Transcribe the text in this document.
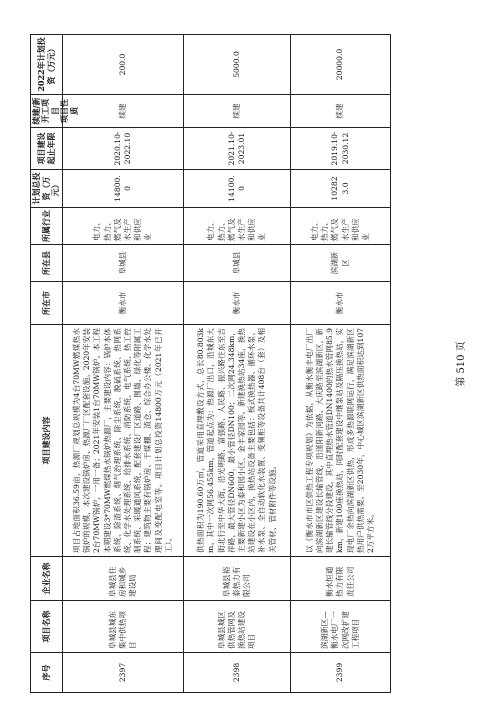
序号	项目名称	企业名称	项目建设内容	所在市	所在县	所属行业	计划总投资（万元）	项目建设起止年限	续建/新开工项目 项目性质	2022年计划投资（万元）

2397	阜城县城东集中供热项目	阜城县住房和城乡建设局	项目占地面积36.59亩，热源厂规划总规模为4台70MW燃煤热水锅炉的规模，本次建设锅炉房、热源厂厂区配套设施。2020年安装2台70MW锅炉，一用一备；2021年安装1台70MW锅炉。本工程本期建设3*70MW燃煤热水锅炉热源厂，主要建设内容：锅炉本体系统、除渣系统、烟气治理系统、除尘系统、脱硫系统、热网系统、化学水处理系统、给排水系统、消防系统、电气系统、热工控制系统、采暖通风系统，配套建设厂区道路、围墙、绿化等附属工程；建筑物主要有锅炉房、干煤棚、渣仓、综合办公楼、化学水处理间及变配电室等。项目计划总投资14800万元（2021年已开工）。	衡水市	阜城县	电力、热力、燃气及水生产和供应业	14800.0	2020.10-2022.10	续建	200.0

2398	阜城县城区供热管网及换热站建设项目	阜城县裕泰热力有限公司	供热面积为190.60万㎡，管道采用直埋敷设方式，总长80.803km。其中一次网56.455km，管道起点为：热源厂出口，沿城东大街北行至中华大街，沿光明路、富强路、人民路、振兴路往东至吉祥路，最大管径DN600，最小管径DN100；二次网24.348km，主要新建小区为泰和园小区、金丰家园等。新建换热站34座，换热站建设在小区内，换热站设备主要包括：板式换热器、循环水泵、补水泵、全自动软化水装置、变频柜等设备共计408台（套）及相关管材、管材附件等设施。	衡水市	阜城县	电力、热力、燃气及水生产和供应业	14100.0	2021.10-2023.01	续建	5000.0

2399	滨湖新区—衡水电厂一次网改扩建工程项目	衡水恒通热力有限责任公司	以《衡水市市区供热工程专项规划》为依据，从衡水衡丰电厂出厂向滨湖新区建设长输管线，沿滏阳新河路、大庆路至滨湖新区，新建长输管线分段建设，其中直埋热水管道DN1400的热水管网85.9km，新建100座换热站，同时配套建设中继泵站及隔压换热站，实现电厂余热向滨湖新区供热，形成多热源联网运行，满足滨湖新区热用户供热需要。至2030年，中心城区滨湖新区供热面积达到1072万平方米。	衡水市	滨湖新区	电力、热力、燃气及水生产和供应业	102823.0	2019.10-2030.12	续建	20000.0
第 510 页
